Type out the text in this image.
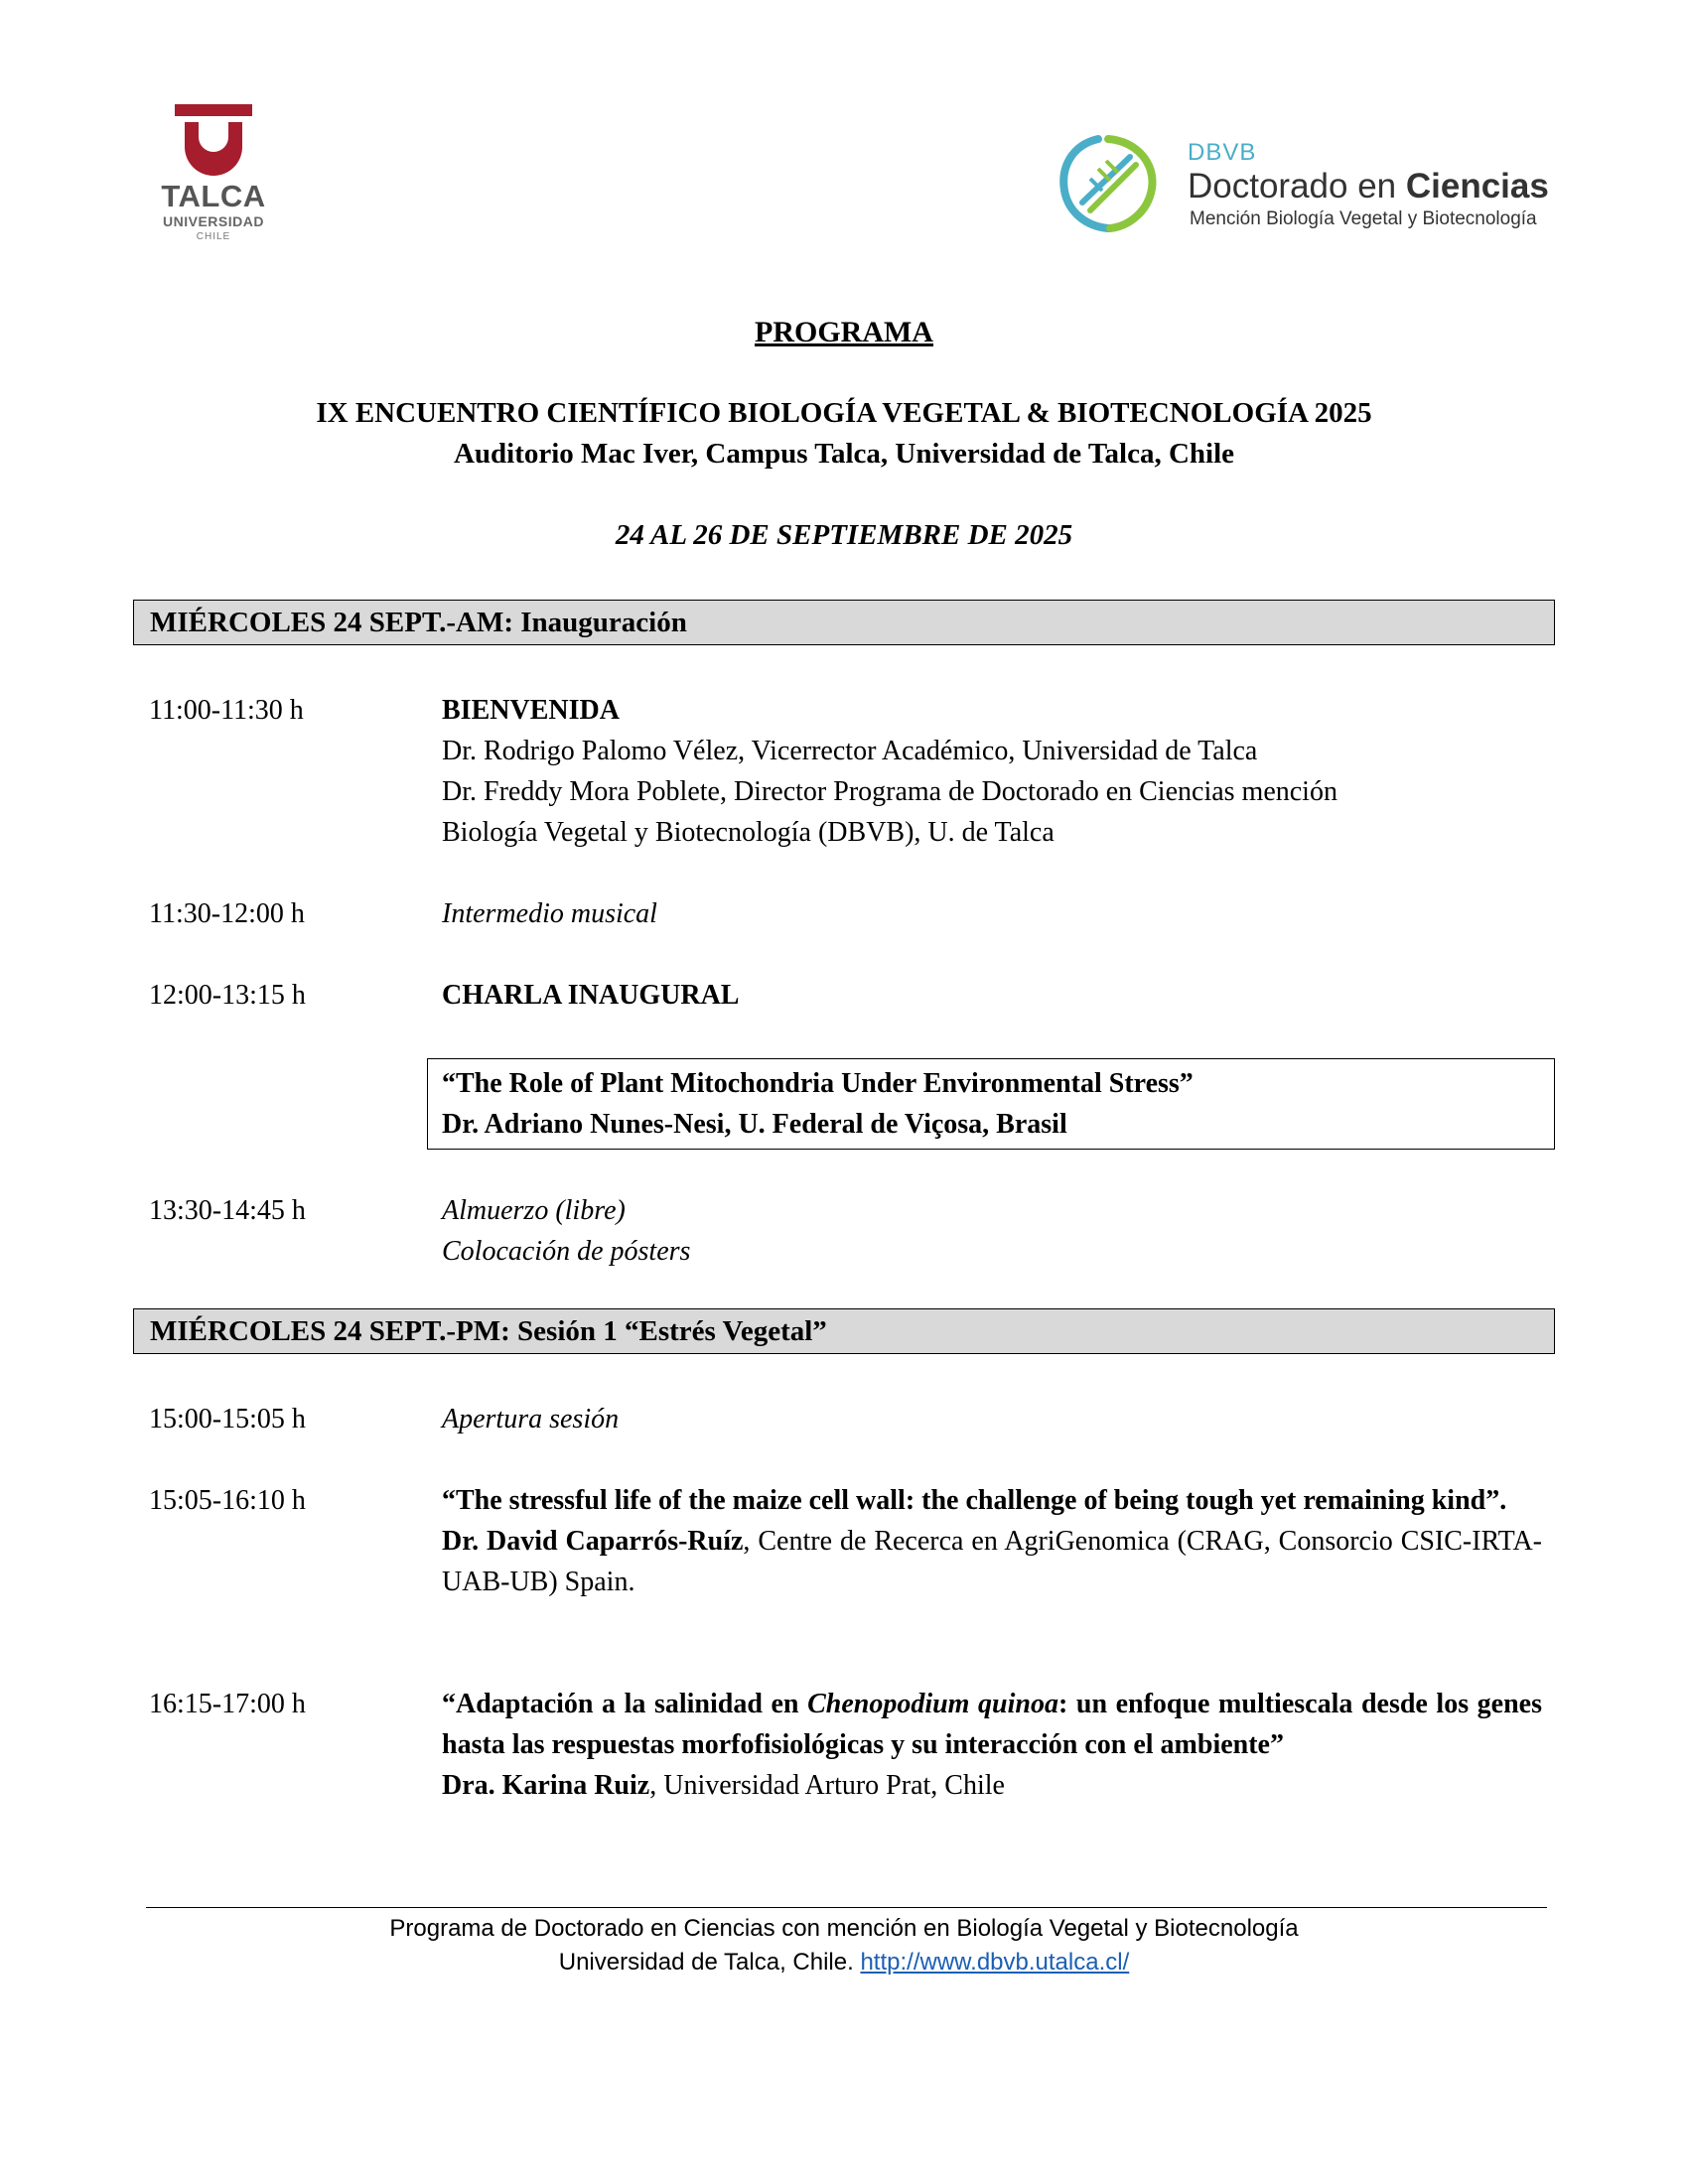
TALCA
UNIVERSIDAD
CHILE
DBVB
Doctorado en Ciencias
Mención Biología Vegetal y Biotecnología
PROGRAMA
IX ENCUENTRO CIENTÍFICO BIOLOGÍA VEGETAL & BIOTECNOLOGÍA 2025
Auditorio Mac Iver, Campus Talca, Universidad de Talca, Chile
24 AL 26 DE SEPTIEMBRE DE 2025
MIÉRCOLES 24 SEPT.-AM: Inauguración
11:00-11:30 h	BIENVENIDA
Dr. Rodrigo Palomo Vélez, Vicerrector Académico, Universidad de Talca
Dr. Freddy Mora Poblete, Director Programa de Doctorado en Ciencias mención
Biología Vegetal y Biotecnología (DBVB), U. de Talca
11:30-12:00 h	Intermedio musical
12:00-13:15 h	CHARLA INAUGURAL
“The Role of Plant Mitochondria Under Environmental Stress”
Dr. Adriano Nunes-Nesi, U. Federal de Viçosa, Brasil
13:30-14:45 h	Almuerzo (libre)
Colocación de pósters
MIÉRCOLES 24 SEPT.-PM: Sesión 1 “Estrés Vegetal”
15:00-15:05 h	Apertura sesión
15:05-16:10 h	“The stressful life of the maize cell wall: the challenge of being tough yet remaining kind”.
Dr. David Caparrós-Ruíz, Centre de Recerca en AgriGenomica (CRAG, Consorcio CSIC-IRTA-UAB-UB) Spain.
16:15-17:00 h	“Adaptación a la salinidad en Chenopodium quinoa: un enfoque multiescala desde los genes hasta las respuestas morfofisiológicas y su interacción con el ambiente”
Dra. Karina Ruiz, Universidad Arturo Prat, Chile
Programa de Doctorado en Ciencias con mención en Biología Vegetal y Biotecnología
Universidad de Talca, Chile. http://www.dbvb.utalca.cl/
